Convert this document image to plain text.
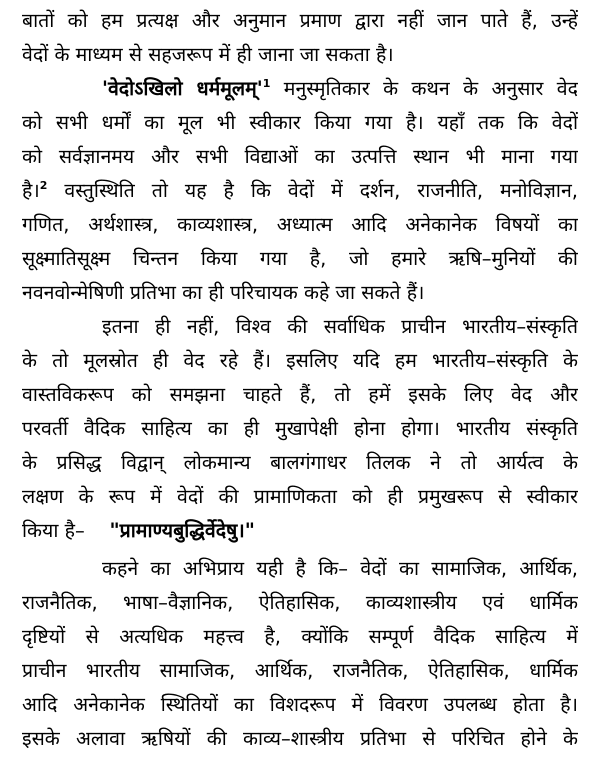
बातों को हम प्रत्यक्ष और अनुमान प्रमाण द्वारा नहीं जान पाते हैं, उन्हें
वेदों के माध्यम से सहजरूप में ही जाना जा सकता है।
'वेदोऽखिलो $धर्ममूलम्'^1$ मनुस्मृतिकार के कथन के अनुसार वेद
को सभी धर्मों का मूल भी स्वीकार किया गया है। यहाँ तक कि वेदों
को सर्वज्ञानमय और सभी विद्याओं का उत्पत्ति स्थान भी माना गया
है।$^2$ वस्तुस्थिति तो यह है कि वेदों में दर्शन, राजनीति, मनोविज्ञान,
गणित, अर्थशास्त्र, काव्यशास्त्र, अध्यात्म आदि अनेकानेक विषयों का
सूक्ष्मातिसूक्ष्म चिन्तन किया गया है, जो हमारे ऋषि–मुनियों की
नवनवोन्मेषिणी प्रतिभा का ही परिचायक कहे जा सकते हैं।
इतना ही नहीं, विश्व की सर्वाधिक प्राचीन भारतीय–संस्कृति
के तो मूलस्रोत ही वेद रहे हैं। इसलिए यदि हम भारतीय–संस्कृति के
वास्तविकरूप को समझना चाहते हैं, तो हमें इसके लिए वेद और
परवर्ती वैदिक साहित्य का ही मुखापेक्षी होना होगा। भारतीय संस्कृति
के प्रसिद्ध विद्वान् लोकमान्य बालगंगाधर तिलक ने तो आर्यत्व के
लक्षण के रूप में वेदों की प्रामाणिकता को ही प्रमुखरूप से स्वीकार
किया है– "प्रामाण्यबुद्धिर्वेदेषु।"
कहने का अभिप्राय यही है कि– वेदों का सामाजिक, आर्थिक,
राजनैतिक, भाषा–वैज्ञानिक, ऐतिहासिक, काव्यशास्त्रीय एवं धार्मिक
दृष्टियों से अत्यधिक महत्त्व है, क्योंकि सम्पूर्ण वैदिक साहित्य में
प्राचीन भारतीय सामाजिक, आर्थिक, राजनैतिक, ऐतिहासिक, धार्मिक
आदि अनेकानेक स्थितियों का विशदरूप में विवरण उपलब्ध होता है।
इसके अलावा ऋषियों की काव्य–शास्त्रीय प्रतिभा से परिचित होने के
